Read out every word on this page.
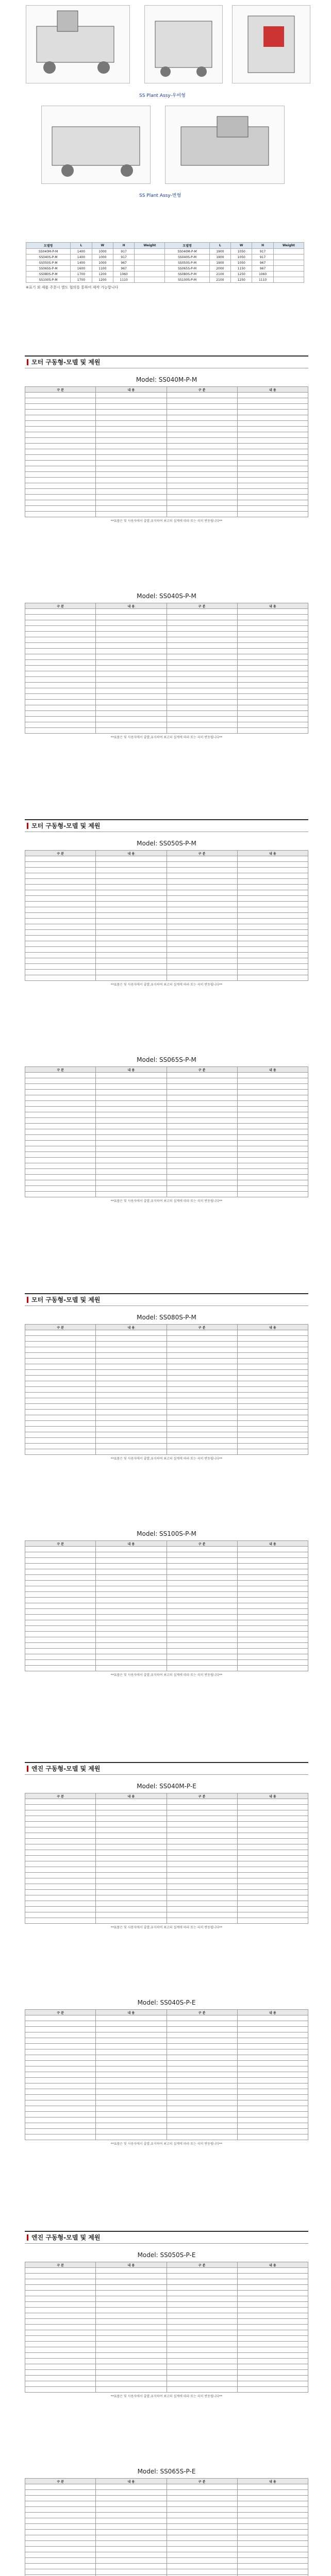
SS Plant Assy-우비형
SS Plant Assy-변형
모델명	L	W	H	Weight	모델명	L	W	H	Weight
SS040M-P-M	1400	1000	917		SS040M-P-M	1900	1050	917	
SS040S-P-M	1400	1000	917		SS040S-P-M	1900	1050	917	
SS050S-P-M	1400	1000	967		SS050S-P-M	1900	1050	967	
SS065S-P-M	1600	1100	967		SS065S-P-M	2000	1150	967	
SS080S-P-M	1700	1200	1060		SS080S-P-M	2100	1250	1060	
SS100S-P-M	1700	1200	1110		SS100S-P-M	2100	1250	1110	
※표기 외 제품 주문시 별도 협의를 통하여 제작 가능합니다
모터 구동형-모델 및 제원
Model: SS040M-P-M
구 분	내 용	구 분	내 용

**표품은 및 사용자에서 출발,유지하여 최고의 설계에 따라 또는 리히 변동됩니다**
Model: SS040S-P-M
구 분	내 용	구 분	내 용

**표품은 및 사용자에서 출발,유지하여 최고의 설계에 따라 또는 리히 변동됩니다**
모터 구동형-모델 및 제원
Model: SS050S-P-M
구 분	내 용	구 분	내 용

**표품은 및 사용자에서 출발,유지하여 최고의 설계에 따라 또는 리히 변동됩니다**
Model: SS065S-P-M
구 분	내 용	구 분	내 용

**표품은 및 사용자에서 출발,유지하여 최고의 설계에 따라 또는 리히 변동됩니다**
모터 구동형-모델 및 제원
Model: SS080S-P-M
구 분	내 용	구 분	내 용

**표품은 및 사용자에서 출발,유지하여 최고의 설계에 따라 또는 리히 변동됩니다**
Model: SS100S-P-M
구 분	내 용	구 분	내 용

**표품은 및 사용자에서 출발,유지하여 최고의 설계에 따라 또는 리히 변동됩니다**
엔진 구동형-모델 및 제원
Model: SS040M-P-E
구 분	내 용	구 분	내 용

**표품은 및 사용자에서 출발,유지하여 최고의 설계에 따라 또는 리히 변동됩니다**
Model: SS040S-P-E
구 분	내 용	구 분	내 용

**표품은 및 사용자에서 출발,유지하여 최고의 설계에 따라 또는 리히 변동됩니다**
엔진 구동형-모델 및 제원
Model: SS050S-P-E
구 분	내 용	구 분	내 용

**표품은 및 사용자에서 출발,유지하여 최고의 설계에 따라 또는 리히 변동됩니다**
Model: SS065S-P-E
구 분	내 용	구 분	내 용
